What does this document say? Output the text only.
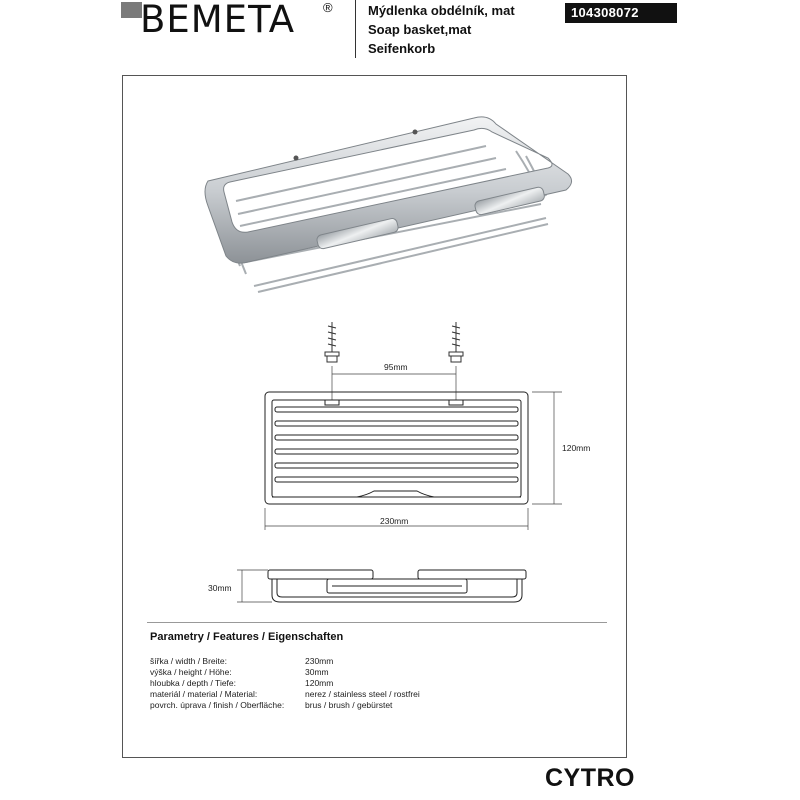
BEMETA ®	Mýdlenka obdélník, mat
Soap basket,mat
Seifenkorb
104308072
95mm
120mm
230mm
30mm
Parametry / Features / Eigenschaften
šířka / width / Breite:	230mm
výška / height / Höhe:	30mm
hloubka / depth / Tiefe:	120mm
materiál / material / Material:	nerez / stainless steel / rostfrei
povrch. úprava / finish / Oberfläche:	brus / brush / gebürstet
CYTRO
